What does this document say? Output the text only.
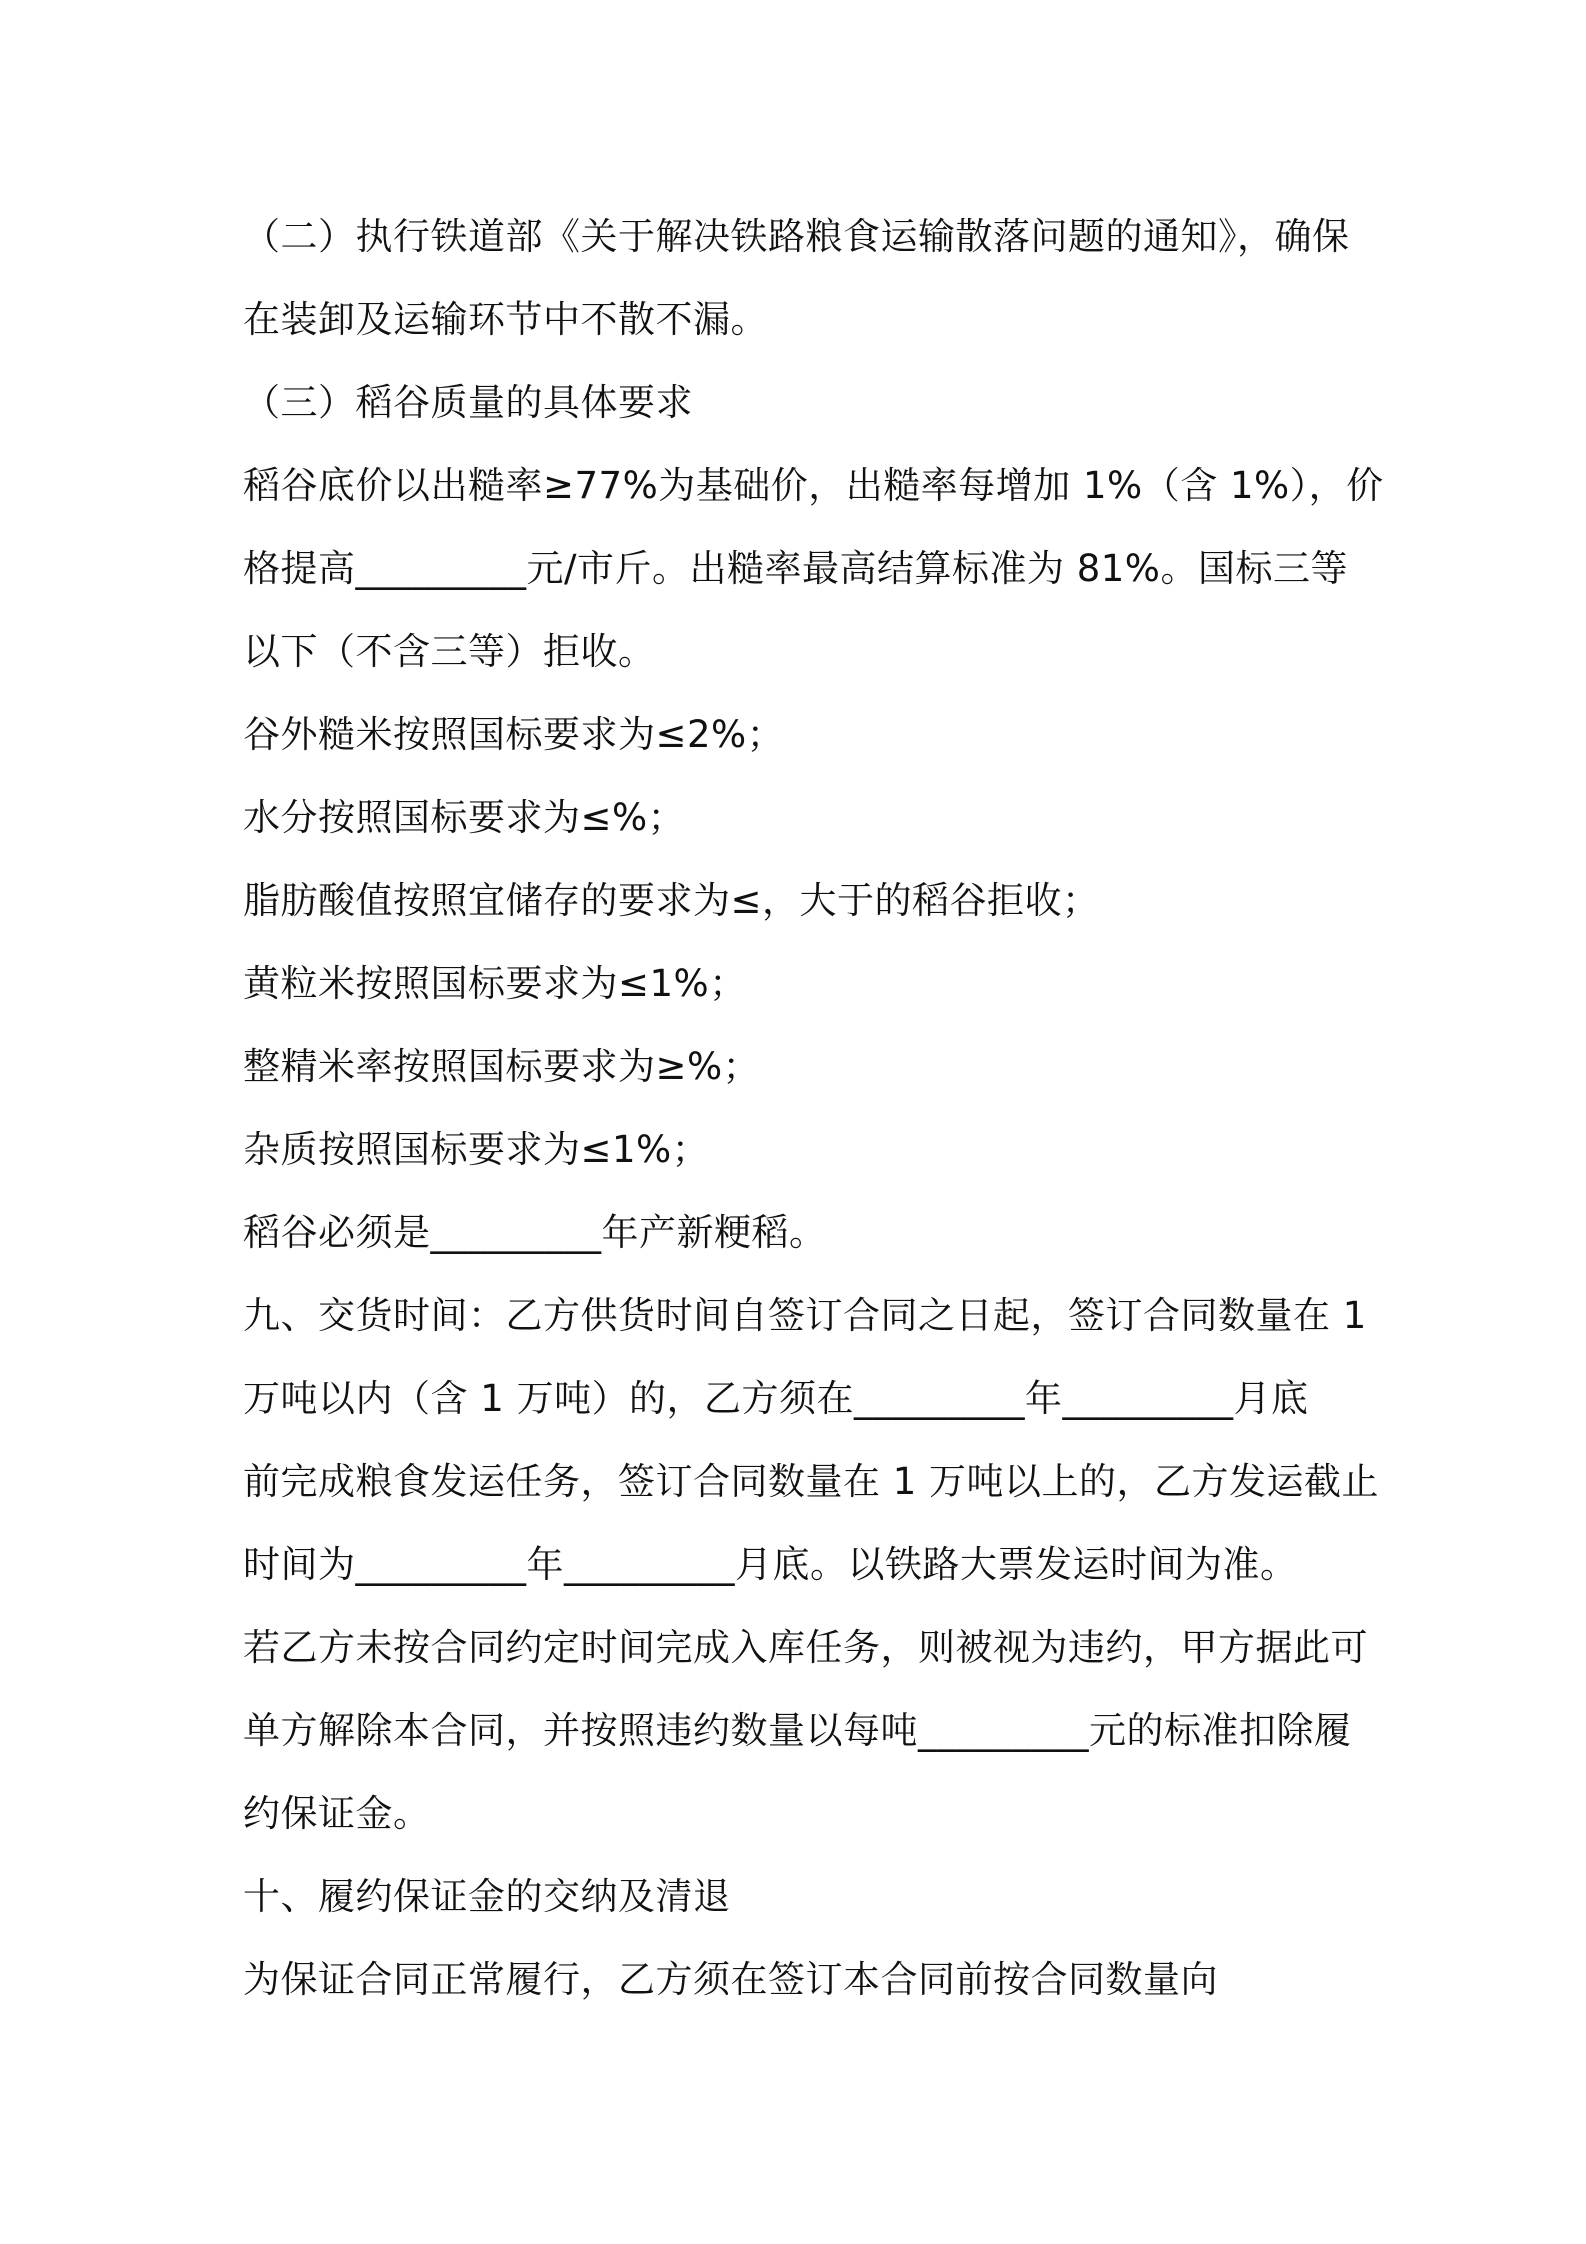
（二）执行铁道部《关于解决铁路粮食运输散落问题的通知》，确保
在装卸及运输环节中不散不漏。
（三）稻谷质量的具体要求
稻谷底价以出糙率≥77%为基础价，出糙率每增加 1%（含 1%），价
格提高_________元/市斤。出糙率最高结算标准为 81%。国标三等
以下（不含三等）拒收。
谷外糙米按照国标要求为≤2%；
水分按照国标要求为≤%；
脂肪酸值按照宜储存的要求为≤，大于的稻谷拒收；
黄粒米按照国标要求为≤1%；
整精米率按照国标要求为≥%；
杂质按照国标要求为≤1%；
稻谷必须是_________年产新粳稻。
九、交货时间：乙方供货时间自签订合同之日起，签订合同数量在 1
万吨以内（含 1 万吨）的，乙方须在_________年_________月底
前完成粮食发运任务，签订合同数量在 1 万吨以上的，乙方发运截止
时间为_________年_________月底。以铁路大票发运时间为准。
若乙方未按合同约定时间完成入库任务，则被视为违约，甲方据此可
单方解除本合同，并按照违约数量以每吨_________元的标准扣除履
约保证金。
十、履约保证金的交纳及清退
为保证合同正常履行，乙方须在签订本合同前按合同数量向
